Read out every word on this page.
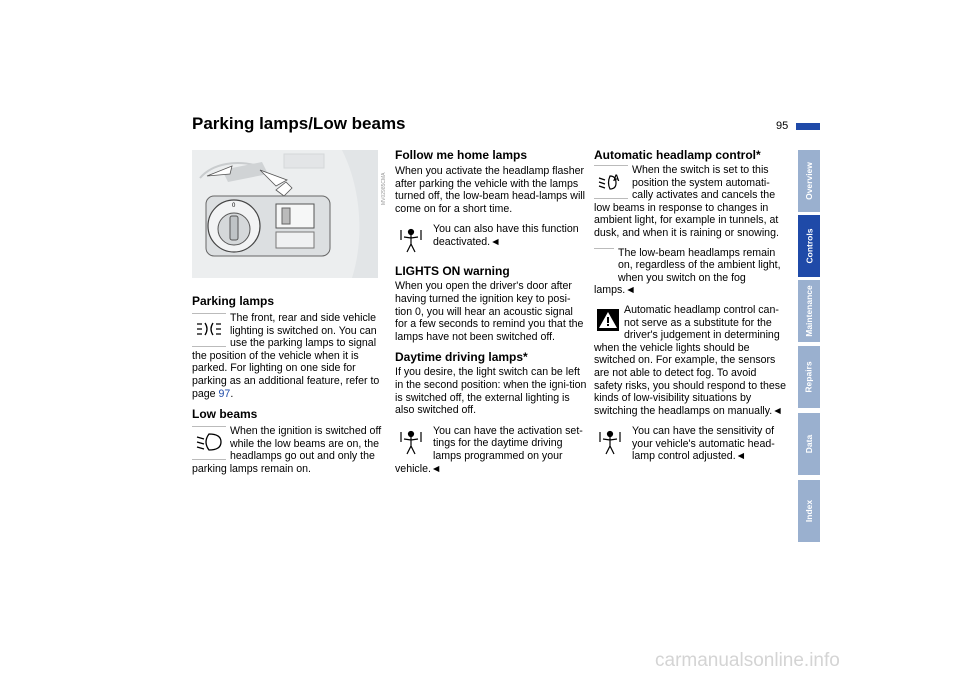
Parking lamps/Low beams	95
0
MV02985CMA
Parking lamps

The front, rear and side vehicle lighting is switched on. You can use the parking lamps to signal the position of the vehicle when it is parked. For lighting on one side for parking as an additional feature, refer to page 97.

Low beams

When the ignition is switched off while the low beams are on, the headlamps go out and only the parking lamps remain on.

Follow me home lamps

When you activate the headlamp flasher after parking the vehicle with the lamps turned off, the low-beam head-lamps will come on for a short time.

You can also have this function deactivated.◄

LIGHTS ON warning

When you open the driver's door after having turned the ignition key to posi-tion 0, you will hear an acoustic signal for a few seconds to remind you that the lamps have not been switched off.

Daytime driving lamps*

If you desire, the light switch can be left in the second position: when the igni-tion is switched off, the external lighting is also switched off.

You can have the activation set-tings for the daytime driving lamps programmed on your vehicle.◄

Automatic headlamp control*
A

When the switch is set to this position the system automati-cally activates and cancels the low beams in response to changes in ambient light, for example in tunnels, at dusk, and when it is raining or snowing.

The low-beam headlamps remain on, regardless of the ambient light, when you switch on the fog lamps.◄

Automatic headlamp control can-not serve as a substitute for the driver's judgement in determining when the vehicle lights should be switched on. For example, the sensors are not able to detect fog. To avoid safety risks, you should respond to these kinds of low-visibility situations by switching the headlamps on manually.◄

You can have the sensitivity of your vehicle's automatic head-lamp control adjusted.◄

Overview
Controls
Maintenance
Repairs
Data
Index
carmanualsonline.info
